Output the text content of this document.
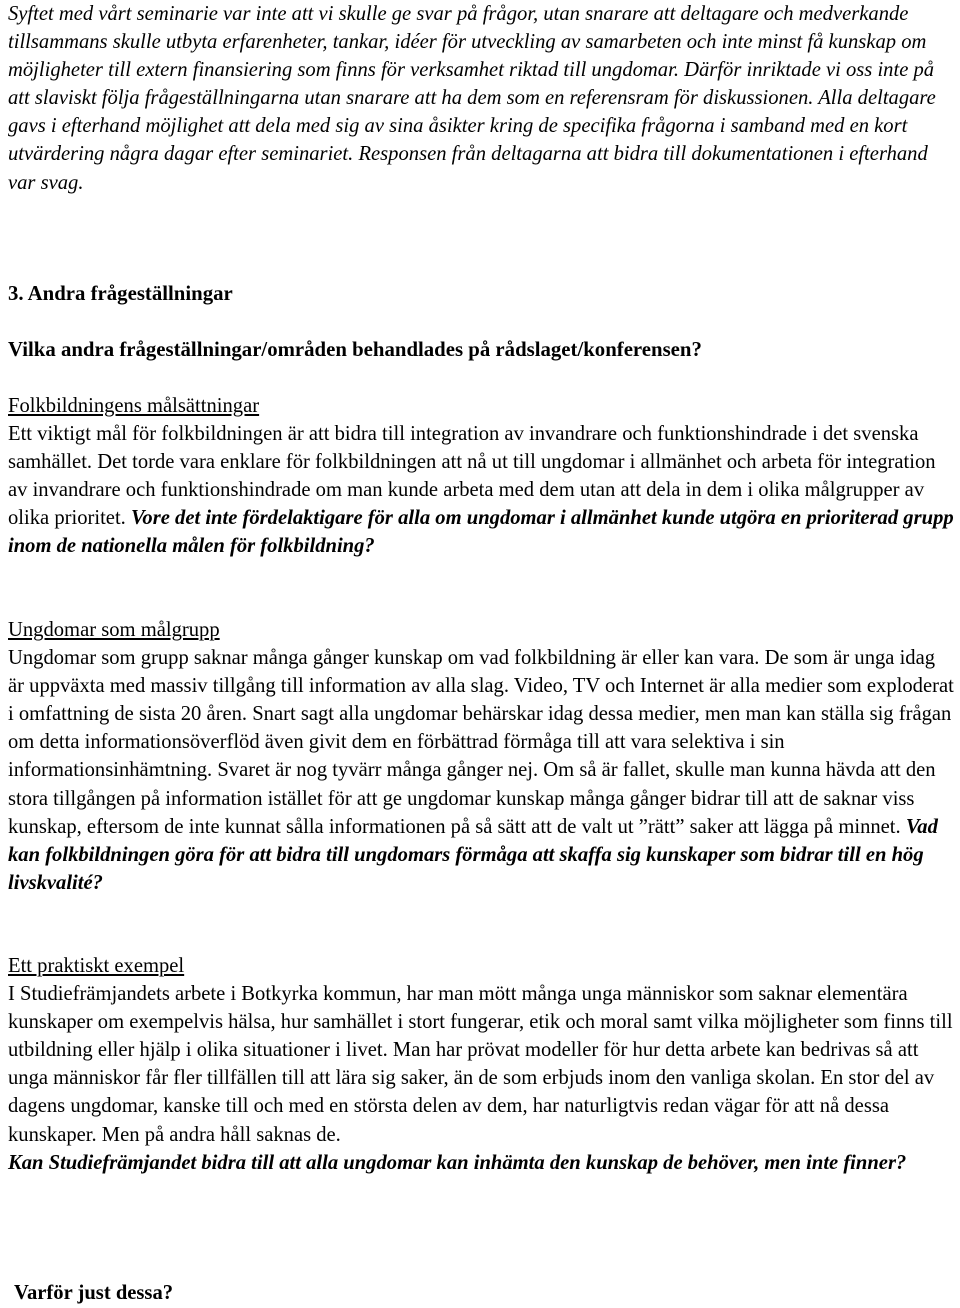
Syftet med vårt seminarie var inte att vi skulle ge svar på frågor, utan snarare att deltagare och medverkande tillsammans skulle utbyta erfarenheter, tankar, idéer för utveckling av samarbeten och inte minst få kunskap om möjligheter till extern finansiering som finns för verksamhet riktad till ungdomar. Därför inriktade vi oss inte på att slaviskt följa frågeställningarna utan snarare att ha dem som en referensram för diskussionen. Alla deltagare gavs i efterhand möjlighet att dela med sig av sina åsikter kring de specifika frågorna i samband med en kort utvärdering några dagar efter seminariet. Responsen från deltagarna att bidra till dokumentationen i efterhand var svag.

3. Andra frågeställningar

Vilka andra frågeställningar/områden behandlades på rådslaget/konferensen?

Folkbildningens målsättningar

Ett viktigt mål för folkbildningen är att bidra till integration av invandrare och funktionshindrade i det svenska samhället. Det torde vara enklare för folkbildningen att nå ut till ungdomar i allmänhet och arbeta för integration av invandrare och funktionshindrade om man kunde arbeta med dem utan att dela in dem i olika målgrupper av olika prioritet. Vore det inte fördelaktigare för alla om ungdomar i allmänhet kunde utgöra en prioriterad grupp inom de nationella målen för folkbildning?

Ungdomar som målgrupp

Ungdomar som grupp saknar många gånger kunskap om vad folkbildning är eller kan vara. De som är unga idag är uppväxta med massiv tillgång till information av alla slag. Video, TV och Internet är alla medier som exploderat i omfattning de sista 20 åren. Snart sagt alla ungdomar behärskar idag dessa medier, men man kan ställa sig frågan om detta informationsöverflöd även givit dem en förbättrad förmåga till att vara selektiva i sin informationsinhämtning. Svaret är nog tyvärr många gånger nej. Om så är fallet, skulle man kunna hävda att den stora tillgången på information istället för att ge ungdomar kunskap många gånger bidrar till att de saknar viss kunskap, eftersom de inte kunnat sålla informationen på så sätt att de valt ut ”rätt” saker att lägga på minnet. Vad kan folkbildningen göra för att bidra till ungdomars förmåga att skaffa sig kunskaper som bidrar till en hög livskvalité?

Ett praktiskt exempel

I Studiefrämjandets arbete i Botkyrka kommun, har man mött många unga människor som saknar elementära kunskaper om exempelvis hälsa, hur samhället i stort fungerar, etik och moral samt vilka möjligheter som finns till utbildning eller hjälp i olika situationer i livet. Man har prövat modeller för hur detta arbete kan bedrivas så att unga människor får fler tillfällen till att lära sig saker, än de som erbjuds inom den vanliga skolan. En stor del av dagens ungdomar, kanske till och med en största delen av dem, har naturligtvis redan vägar för att nå dessa kunskaper. Men på andra håll saknas de.

Kan Studiefrämjandet bidra till att alla ungdomar kan inhämta den kunskap de behöver, men inte finner?

Varför just dessa?
